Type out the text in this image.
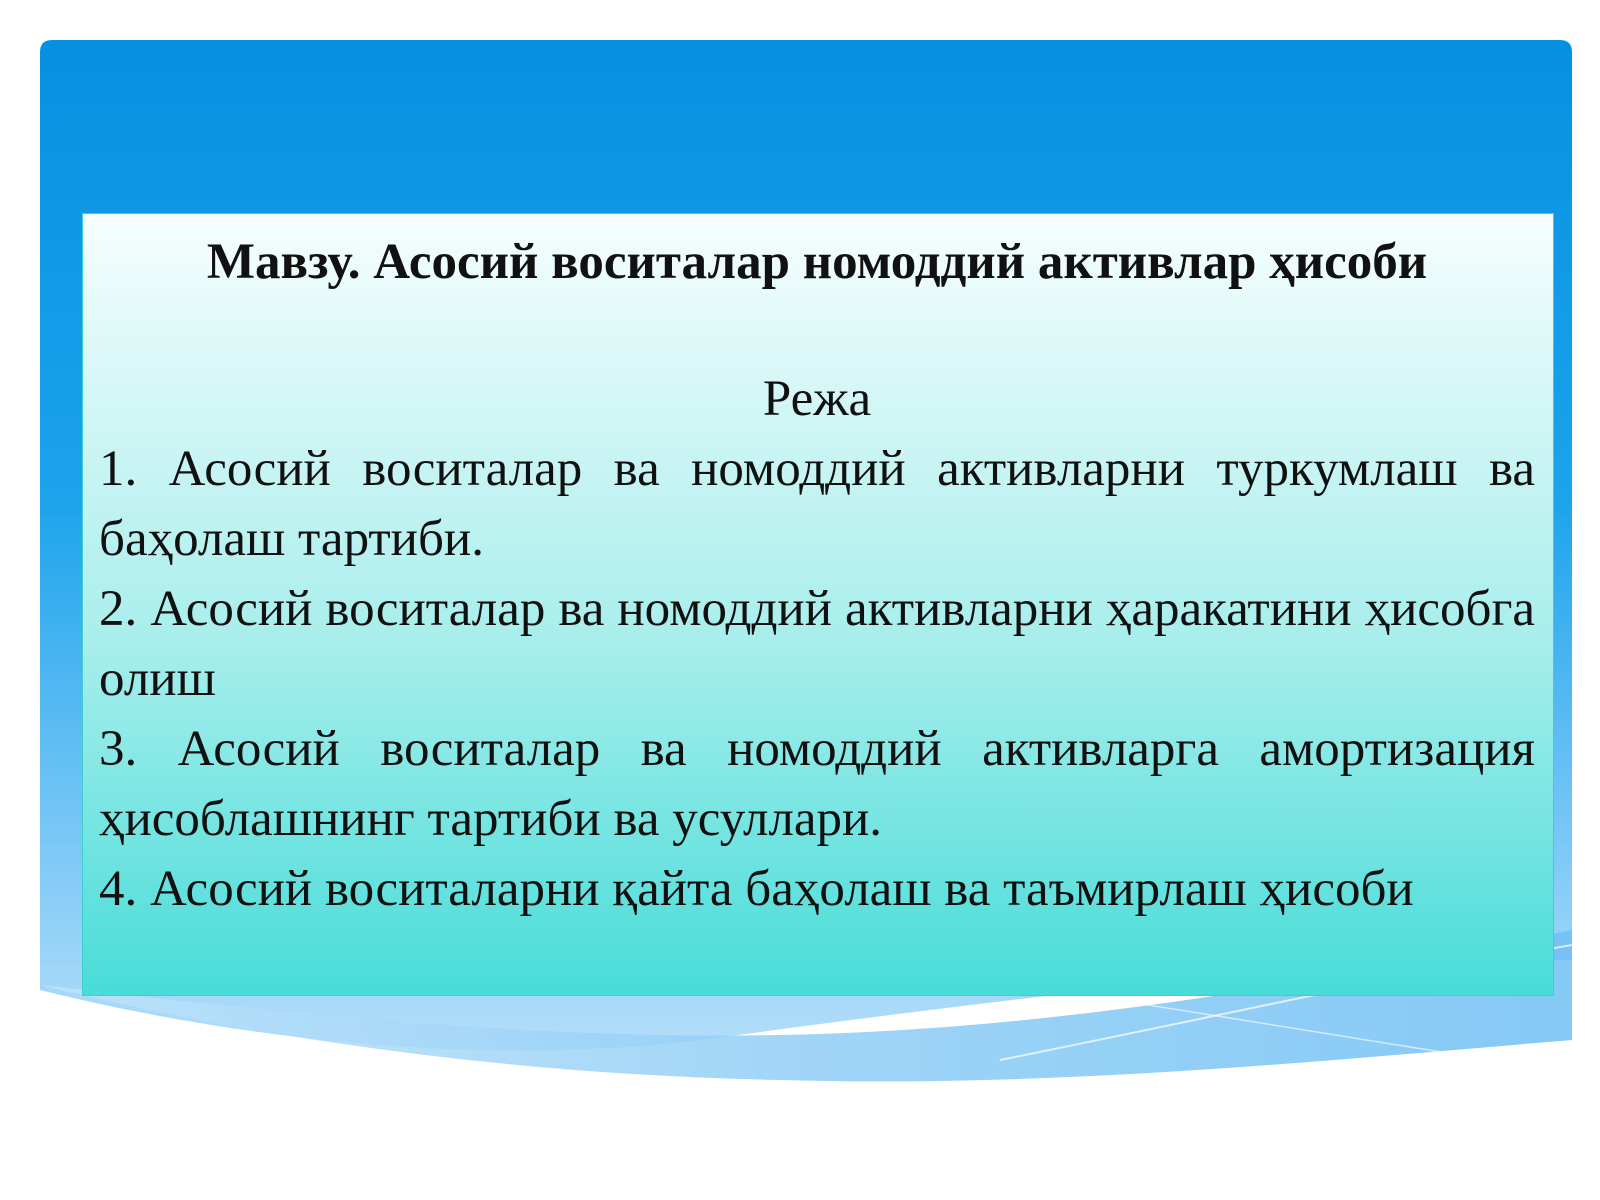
Мавзу. Асосий воситалар номоддий активлар ҳисоби

Режа

1. Асосий воситалар ва номоддий активларни туркумлаш ва баҳолаш тартиби.
2. Асосий воситалар ва номоддий активларни ҳаракатини ҳисобга олиш
3. Асосий воситалар ва номоддий активларга амортизация ҳисоблашнинг тартиби ва усуллари.
4. Асосий воситаларни қайта баҳолаш ва таъмирлаш ҳисоби
